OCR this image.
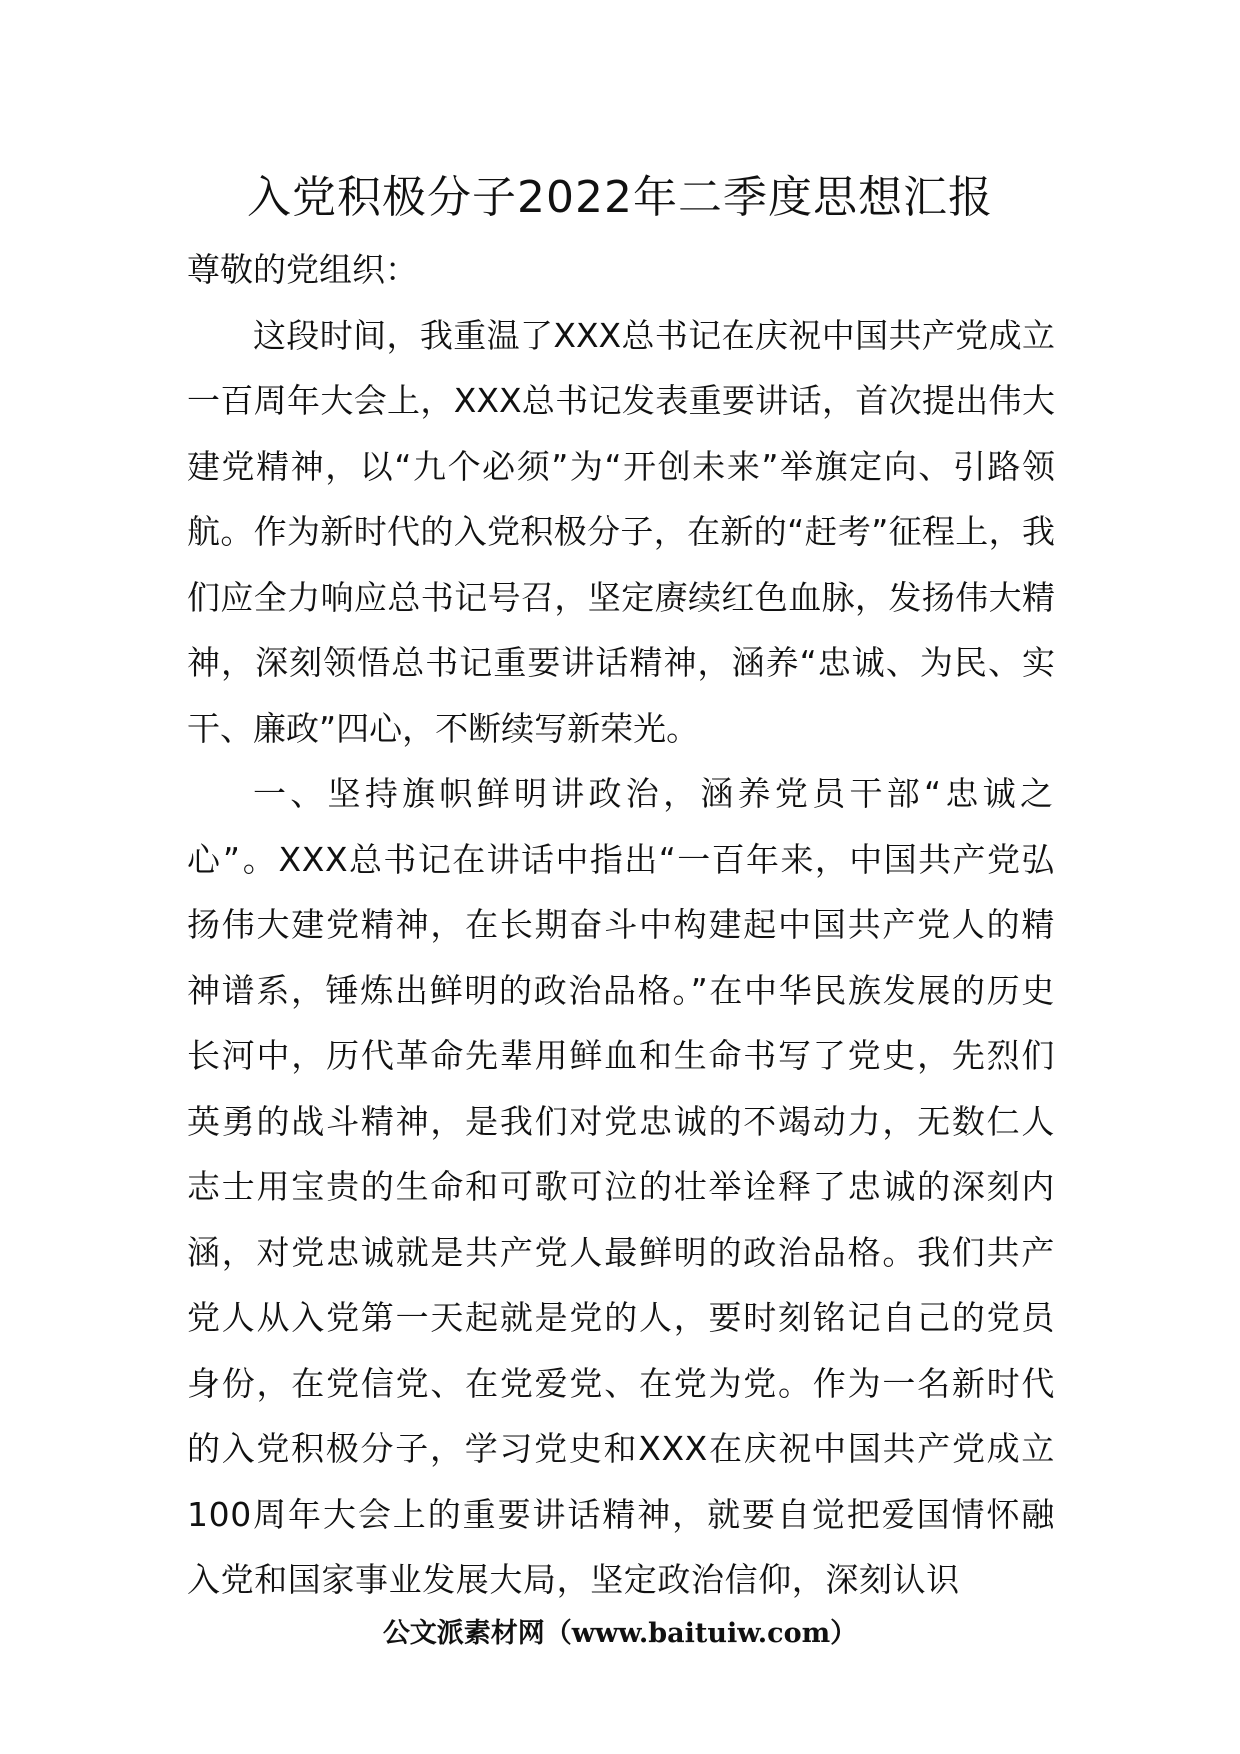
入党积极分子2022年二季度思想汇报

尊敬的党组织：

这段时间，我重温了XXX总书记在庆祝中国共产党成立一百周年大会上，XXX总书记发表重要讲话，首次提出伟大建党精神，以“九个必须”为“开创未来”举旗定向、引路领航。作为新时代的入党积极分子，在新的“赶考”征程上，我们应全力响应总书记号召，坚定赓续红色血脉，发扬伟大精神，深刻领悟总书记重要讲话精神，涵养“忠诚、为民、实干、廉政”四心，不断续写新荣光。

一、坚持旗帜鲜明讲政治，涵养党员干部“忠诚之心”。XXX总书记在讲话中指出“一百年来，中国共产党弘扬伟大建党精神，在长期奋斗中构建起中国共产党人的精神谱系，锤炼出鲜明的政治品格。”在中华民族发展的历史长河中，历代革命先辈用鲜血和生命书写了党史，先烈们英勇的战斗精神，是我们对党忠诚的不竭动力，无数仁人志士用宝贵的生命和可歌可泣的壮举诠释了忠诚的深刻内涵，对党忠诚就是共产党人最鲜明的政治品格。我们共产党人从入党第一天起就是党的人，要时刻铭记自己的党员身份，在党信党、在党爱党、在党为党。作为一名新时代的入党积极分子，学习党史和XXX在庆祝中国共产党成立100周年大会上的重要讲话精神，就要自觉把爱国情怀融入党和国家事业发展大局，坚定政治信仰，深刻认识

公文派素材网（www.baituiw.com）
